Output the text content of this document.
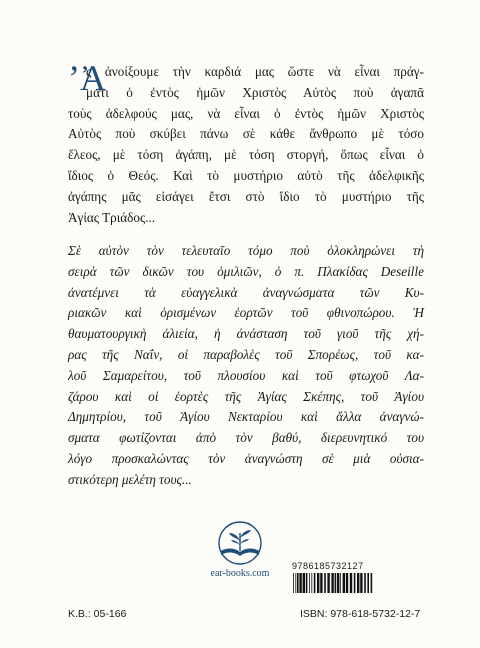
’Ἀ
ς ἀνοίξουμε τὴν καρδιά μας ὥστε νὰ εἶναι πράγ-
ματι ὁ ἐντὸς ἡμῶν Χριστὸς Αὐτὸς ποὺ ἀγαπᾶ
τοὺς ἀδελφούς μας, νὰ εἶναι ὁ ἐντὸς ἡμῶν Χριστὸς
Αὐτὸς ποὺ σκύβει πάνω σὲ κάθε ἄνθρωπο μὲ τόσο
ἔλεος, μὲ τόση ἀγάπη, μὲ τόση στοργή, ὅπως εἶναι ὁ
ἴδιος ὁ Θεός. Καὶ τὸ μυστήριο αὐτὸ τῆς ἀδελφικῆς
ἀγάπης μᾶς εἰσάγει ἔτσι στὸ ἴδιο τὸ μυστήριο τῆς
Ἁγίας Τριάδος...
Σὲ αὐτὸν τὸν τελευταῖο τόμο ποὺ ὁλοκληρώνει τὴ
σειρὰ τῶν δικῶν του ὁμιλιῶν, ὁ π. Πλακίδας Deseille
ἀνατέμνει τὰ εὐαγγελικὰ ἀναγνώσματα τῶν Κυ-
ριακῶν καὶ ὁρισμένων ἑορτῶν τοῦ φθινοπώρου. Ἡ
θαυματουργικὴ ἁλιεία, ἡ ἀνάσταση τοῦ γιοῦ τῆς χή-
ρας τῆς Ναΐν, οἱ παραβολὲς τοῦ Σπορέως, τοῦ κα-
λοῦ Σαμαρείτου, τοῦ πλουσίου καὶ τοῦ φτωχοῦ Λα-
ζάρου καὶ οἱ ἑορτὲς τῆς Ἁγίας Σκέπης, τοῦ Ἁγίου
Δημητρίου, τοῦ Ἁγίου Νεκταρίου καὶ ἄλλα ἀναγνώ-
σματα φωτίζονται ἀπὸ τὸν βαθύ, διερευνητικό του
λόγο προσκαλώντας τὸν ἀναγνώστη σὲ μιὰ οὐσια-
στικότερη μελέτη τους...
ear-books.com
9786185732127
Κ.Β.: 05-166	ISBN: 978-618-5732-12-7
